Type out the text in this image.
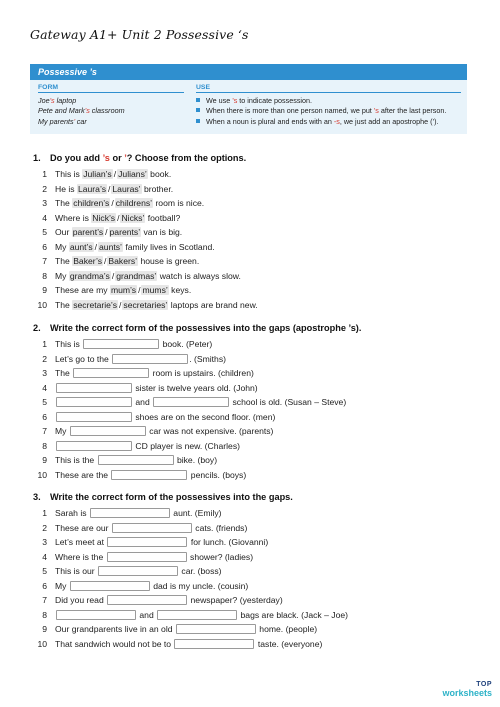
Gateway A1+ Unit 2 Possessive ‘s
Possessive ’s
FORM
Joe’s laptop
Pete and Mark’s classroom
My parents’ car
USE
We use ’s to indicate possession.
When there is more than one person named, we put ’s after the last person.
When a noun is plural and ends with an -s, we just add an apostrophe (’).
1. Do you add ’s or ’? Choose from the options.
1 This is Julian’s / Julians’ book.
2 He is Laura’s / Lauras’ brother.
3 The children’s / childrens’ room is nice.
4 Where is Nick’s / Nicks’ football?
5 Our parent’s / parents’ van is big.
6 My aunt’s / aunts’ family lives in Scotland.
7 The Baker’s / Bakers’ house is green.
8 My grandma’s / grandmas’ watch is always slow.
9 These are my mum’s / mums’ keys.
10 The secretarie’s / secretaries’ laptops are brand new.
2. Write the correct form of the possessives into the gaps (apostrophe ’s).
1 This is	book. (Peter)
2 Let’s go to the	. (Smiths)
3 The	room is upstairs. (children)
4	sister is twelve years old. (John)
5	and	school is old. (Susan – Steve)
6	shoes are on the second floor. (men)
7 My	car was not expensive. (parents)
8	CD player is new. (Charles)
9 This is the	bike. (boy)
10 These are the	pencils. (boys)
3. Write the correct form of the possessives into the gaps.
1 Sarah is	aunt. (Emily)
2 These are our	cats. (friends)
3 Let’s meet at	for lunch. (Giovanni)
4 Where is the	shower? (ladies)
5 This is our	car. (boss)
6 My	dad is my uncle. (cousin)
7 Did you read	newspaper? (yesterday)
8	and	bags are black. (Jack – Joe)
9 Our grandparents live in an old	home. (people)
10 That sandwich would not be to	taste. (everyone)
TOP
worksheets
